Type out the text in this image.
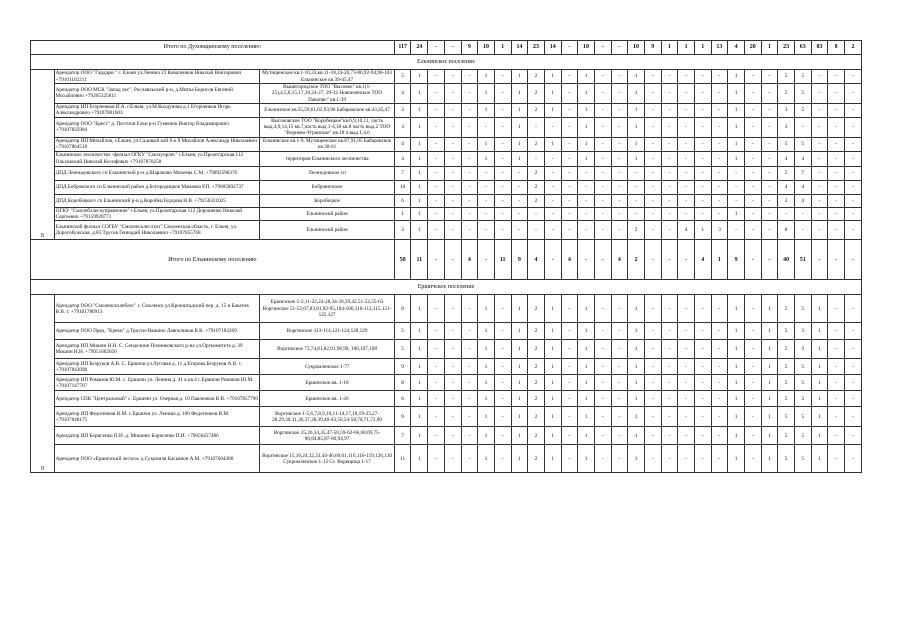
Итого по Духовщинскому поселению:			117	24	-	-	9	10	1	14	23	14	-	10	-	-	10	9	1	1	1	13	4	20	1	23	63	83	8	2
Ельнинское поселение																														
8	Арендатор ООО "Гардарм " г. Ельня ул.Ленина 23 Коваленков Николай Викторович +79101162211	Мутищенское кв.1-10,33,кв.11-18,24-26,73-86,92-94,96-103 Ельнинское кв.39-45,47	5	1	-	-	-	1	-	1	2	1	-	1	-	-	1	-	-	-	-	-	1	-	-	5	5	-	-	-
	Арендатор ООО МСК "Запад лес", Рославльский р-н, д.Митка Борисов Евгений Михайлович +79205325811	Вышегородское ТОО "Высокое" кв.1(1-25),4,5,8,15,17,18,24-27, 29-32 Новоеленское ТОО Павлово" кв.1-39	4	1	-	-	-	1	-	1	2	1	-	1	-	-	1	-	-	-	-	-	1	-	-	5	5	-	-	-
	Арендатор ИП Егорченков И.А. г.Ельня, ул.М.Колдунова д.1 Егорченков Игорь Александрович +79107801603	Ельнинское кв.55,59,61,62,93,96 Бабаровское кв.43,45,47	3	1	-	-	-	1	-	1	2	1	-	1	-	-	1	-	-	-	-	-	1	-	-	3	5	-	-	-
	Арендатор ООО "Брест" д. Пестичи Ельн р-н Гуменюк Виктор Владимирович +79107835984	Высоковское ТОО "Коробецкое"кв.6,9,10,11, часть выд.4,9,14,15 кв.7,часть выд.1-4,18 кв.8 часть выд.2 ТОО "Ворнево-Угранское" кв.18 ч.выд.1,4,6	3	1	-	-	-	-	-	1	-	-	-	1	-	-	1	-	-	-	-	-	1	-	-	3	-	-	-	-
	Арендатор ИП Михайлов, г.Ельня, ул.Садовый кой б-к 8 Михайлов Александр Николаевич +79107864518	Ельнинское кв.1-9, Мутищенское кв.87,91,95 Бабаровское кв.30-61	4	1	-	-	-	1	-	1	2	1	-	1	-	-	1	-	-	-	-	-	1	-	-	5	5	-	-	-
	Ельнинское лесничество -филиал ОГКУ "Смолупрлес" г.Ельня, ул.Пролетарская,112 Ольховский Николай Косифович +79107870258	территория Ельнинского лесничества	4	1	-	-	-	1	-	1	-	-	-	1	-	-	1	-	-	-	-	-	1	-	-	4	4	-	-	-
	ДПД Леонидовского сп Ельнинский р-н д.Шарапово Михеева С.М. +79092590376	Леонидовское сп	7	1	-	-	-	-	-	-	2	-	-	-	-	-	-	-	-	-	-	-	-	-	-	5	7	-	-	-
	ДПД Бобровского сп Ельнинский район д.Богородицкое Мамаева Р.П. +79605892737	Бобровичское	10	1	-	-	-	-	-	-	2	-	-	-	-	-	-	-	-	-	-	-	-	-	-	4	4	-	-	-
	ДПД Коробецкого сп Ельнинский р-н д.Коробец Бурцова Н.В. +79156321025	Коробецкое	6	1	-	-	-	-	-	-	2	-	-	-	-	-	-	-	-	-	-	-	-	-	-	2	4	-	-	-
	ОГКУ "Смолобллесоуправление" г.Ельня, ул.Пролетарская 112 Дорошенко Николай Сергеевич +79159920771	Ельнинский район	1	1	-	-	-	-	-	-	-	-	-	-	-	-	-	-	-	-	-	-	1	-	-	-	-	-	-	-
	Ельнинский филиал СОГБУ "Смоленсклеслхоз" Смоленская область, г. Ельня, ул. Дорогобужская, д.83 Трусов Геннадий Николаевич +79107855768	Ельнинский район	3	1	-	-	-	-	-	-	-	-	-	-	-	-	2	-	-	4	1	3	-	-	-	8	-	-	-	-
Итого по Ельнинскому поселению			50	11	-	-	4	-	11	9	4	-	4	-	-	4	2	-	-	-	4	1	9	-	-	40	51	-	-	-
Ершичское поселение																														
9	Арендатор ООО "Смоленскхлеблес" г. Смоленск ул.Кронштадский пер. д. 15 и Бакатов В.В. т. +79101786913	Ершичское 1-2,11-22,24-28,34-39,39,42,51-52,55-63 Воргинское 51-52,67,83,81,92-95,104-106,110-113,115,121-125,127	8	1	-	-	-	1	-	1	2	1	-	1	-	-	1	-	-	-	-	-	1	-	1	5	5	1	-	-
	Арендатор ООО Пред. "Креки" д.Трости-Нашино Лавполиков В.К. +79107182269	Воргинское 113-114,121-124,128,129	5	1	-	-	-	1	-	1	2	1	-	1	-	-	1	-	-	-	-	-	1	-	1	5	3	1	-	-
	Арендатор ИП Мишин Н.Н. С. Сенделино Починковского р-на ул.Оргкомитета д. 39 Мишин Н.Н. +79051602656	Воргинское 73,74,81,82,91,98,99, 100,107,108	5	1	-	-	-	1	-	1	2	1	-	1	-	-	1	-	-	-	-	-	1	-	1	5	3	1	-	-
	Арендатор ИП Безруков А.В. С. Ершичи ул.Луговая д. 11 д.Егорова Безруков А.В. т. +79107842098	Сукромленское 1-77	9	1	-	-	-	1	-	1	2	1	-	1	-	-	1	-	-	-	-	-	1	-	1	5	5	1	-	-
	Арендатор ИП Романов Ю.М. с. Ершичи ул. Ленина д. 41 к.кв.4 с.Ершичи Романов Ю.М. +79107147707	Ершичское.кв. 1-18	8	1	-	-	-	1	-	1	2	1	-	1	-	-	1	-	-	-	-	-	1	-	1	5	5	1	-	-
	Арендатор СПК "Центральный" с. Ершичи ул. Озерная д. 10 Павленков В.В. +79107857790	Ершичское.кв. 1-26	6	1	-	-	-	1	-	1	2	1	-	1	-	-	1	-	-	-	-	-	1	-	1	5	3	1	-	-
	Арендатор ИП Федотенков В.М. с.Ершичи ул. Ленина д. 100 Федотенков В.М. +79107848175	Воргинское 1-5,6,7,8,9,10,11-14,17,18,19-23,27-28,29,30,31,36,37,38,39,40-43,50,54-58,70,71,72,90	9	1	-	-	-	1	-	1	2	1	-	1	-	-	1	-	-	-	-	-	1	-	1	5	5	1	-	-
	Арендатор ИП Борисенко П.И. д. Мишино Борисенко П.И. +79056457486	Воргинское 25,26,34,35,47-50,59-62-66,68,69,75-80,84,85,87-89,94,97	7	1	-	-	-	1	-	1	2	1	-	1	-	-	1	-	-	-	-	-	1	-	1	5	5	1	-	-
	Арендатор ООО «Ершичский лесхоз» д.Сукромля Касьянов А.М. +79107604380	Воргинское 15,16,24,32,33,44-46,60,61,116,116-119,126,130 Сукромленское 1-12 Ст. Ворещица 1-17	11	1	-	-	-	1	-	1	2	1	-	1	-	-	1	-	-	-	-	-	1	-	1	5	5	1	-	-
